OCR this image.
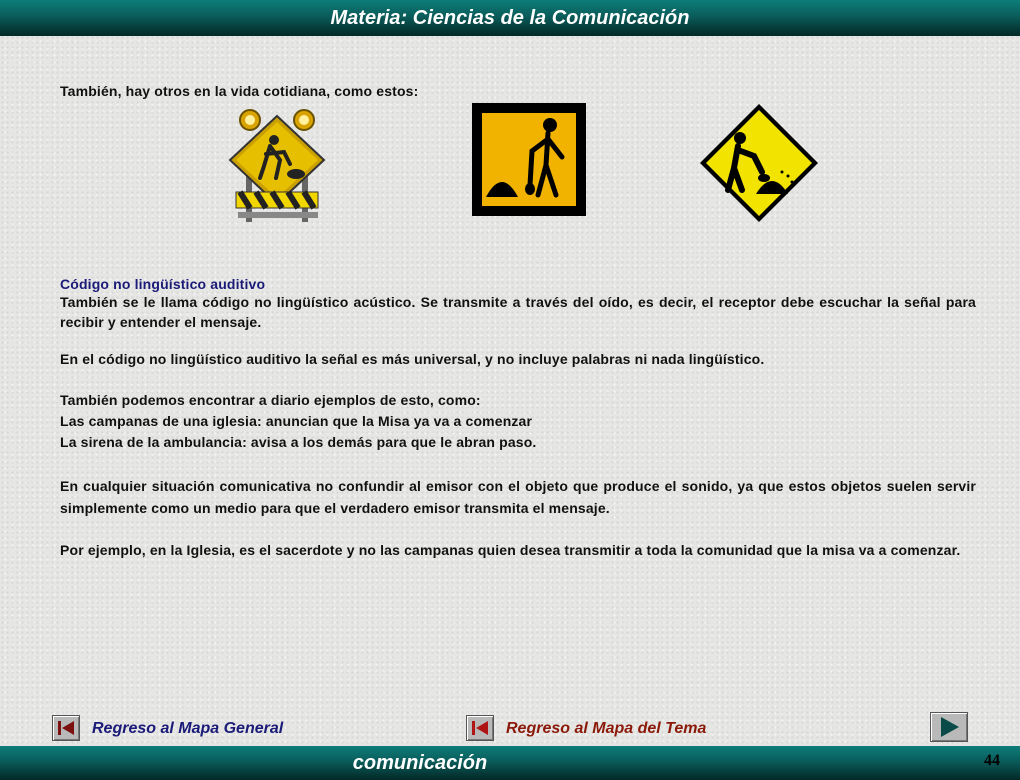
Materia: Ciencias de la Comunicación
También, hay otros en la vida cotidiana, como estos:
Código no lingüístico auditivo
También se le llama código no lingüístico acústico. Se transmite a través del oído, es decir, el receptor debe escuchar la señal para recibir y entender el mensaje.
En el código no lingüístico auditivo la señal es más universal, y no incluye palabras ni nada lingüístico.
También podemos encontrar a diario ejemplos de esto, como:
Las campanas de una iglesia: anuncian que la Misa ya va a comenzar
La sirena de la ambulancia: avisa a los demás para que le abran paso.
En cualquier situación comunicativa no confundir al emisor con el objeto que produce el sonido, ya que estos objetos suelen servir simplemente como un medio para que el verdadero emisor transmita el mensaje.
Por ejemplo, en la Iglesia, es el sacerdote y no las campanas quien desea transmitir a toda la comunidad que la misa va a comenzar.
Regreso al Mapa General	Regreso al Mapa del Tema
comunicación	44
